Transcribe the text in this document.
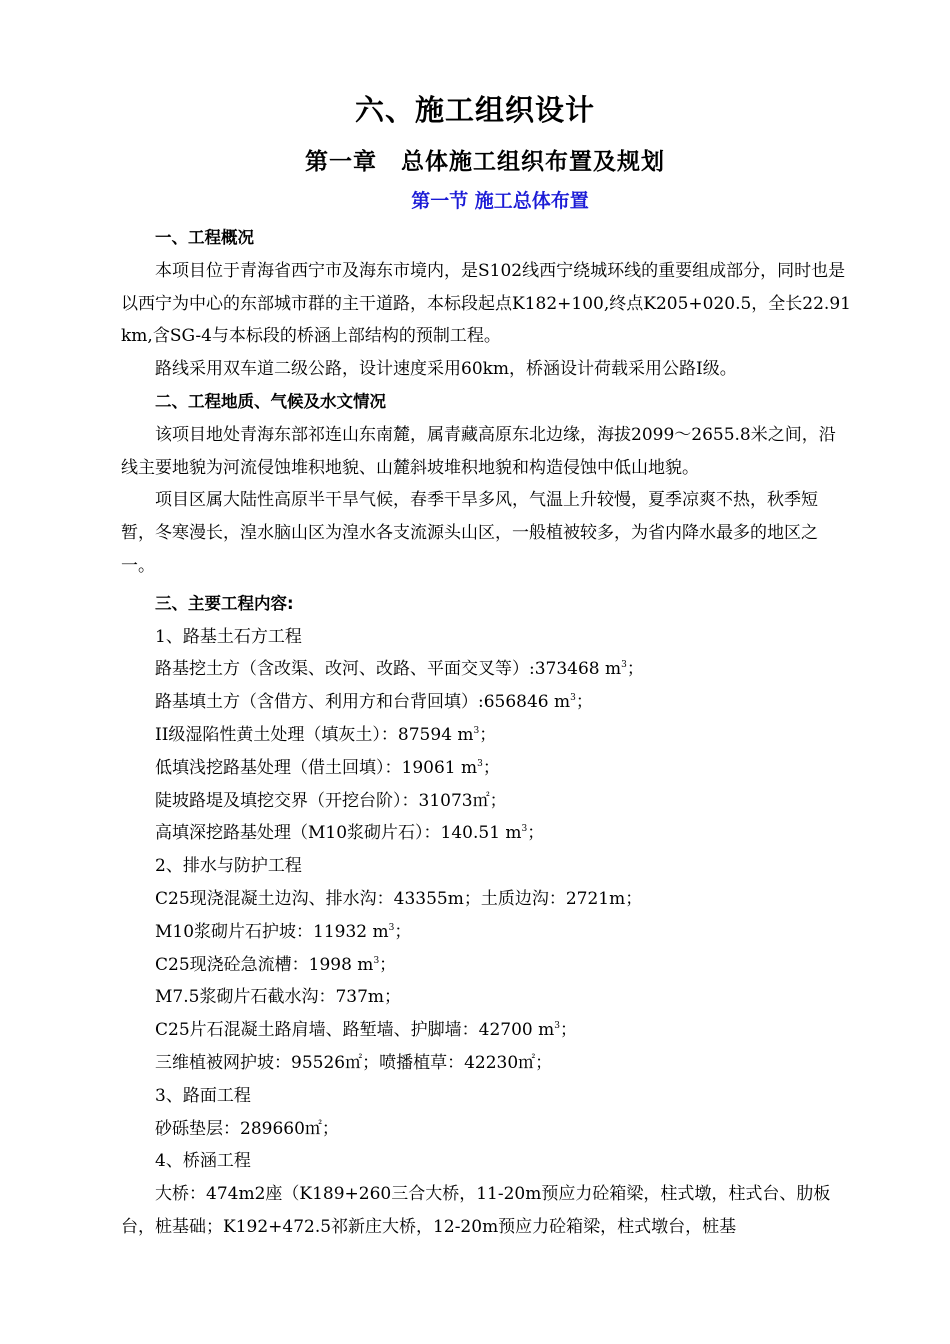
六、施工组织设计
第一章　总体施工组织布置及规划
第一节 施工总体布置

一、工程概况

本项目位于青海省西宁市及海东市境内，是S102线西宁绕城环线的重要组成部分，同时也是以西宁为中心的东部城市群的主干道路，本标段起点K182+100,终点K205+020.5，全长22.91km,含SG-4与本标段的桥涵上部结构的预制工程。

路线采用双车道二级公路，设计速度采用60km，桥涵设计荷载采用公路Ⅰ级。

二、工程地质、气候及水文情况

该项目地处青海东部祁连山东南麓，属青藏高原东北边缘，海拔2099～2655.8米之间，沿线主要地貌为河流侵蚀堆积地貌、山麓斜坡堆积地貌和构造侵蚀中低山地貌。

项目区属大陆性高原半干旱气候，春季干旱多风，气温上升较慢，夏季凉爽不热，秋季短暂，冬寒漫长，湟水脑山区为湟水各支流源头山区，一般植被较多，为省内降水最多的地区之一。

三、主要工程内容:

1、路基土石方工程

路基挖土方（含改渠、改河、改路、平面交叉等）:373468 $m^3$；

路基填土方（含借方、利用方和台背回填）:656846 $m^3$；

II级湿陷性黄土处理（填灰土）：87594 $m^3$；

低填浅挖路基处理（借土回填）：19061 $m^3$；

陡坡路堤及填挖交界（开挖台阶）：31073㎡；

高填深挖路基处理（M10浆砌片石）：140.51 $m^3$；

2、排水与防护工程

C25现浇混凝土边沟、排水沟：43355m；土质边沟：2721m；

M10浆砌片石护坡：11932 $m^3$；

C25现浇砼急流槽：1998 $m^3$；

M7.5浆砌片石截水沟：737m；

C25片石混凝土路肩墙、路堑墙、护脚墙：42700 $m^3$；

三维植被网护坡：95526㎡；喷播植草：42230㎡；

3、路面工程

砂砾垫层：289660㎡；

4、桥涵工程

大桥：474m2座（K189+260三合大桥，11-20m预应力砼箱梁，柱式墩，柱式台、肋板台，桩基础；K192+472.5祁新庄大桥，12-20m预应力砼箱梁，柱式墩台，桩基
